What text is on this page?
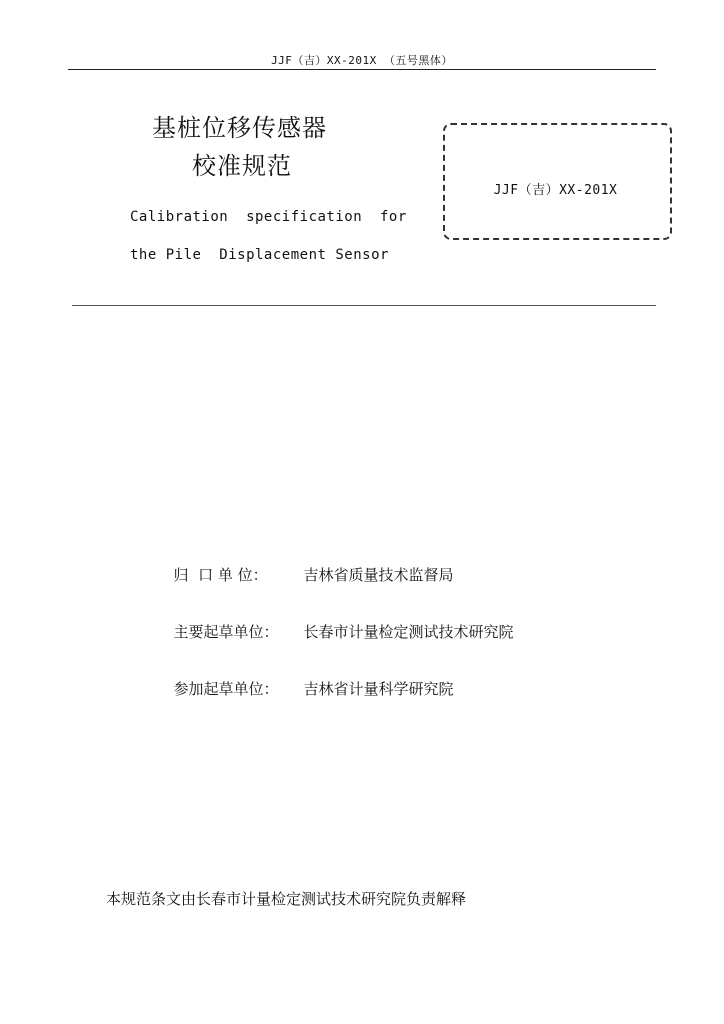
JJF（吉）XX-201X （五号黑体）
基桩位移传感器
校准规范
Calibration  specification  for
the Pile  Displacement Sensor
JJF（吉）XX-201X

归  口 单 位： 吉林省质量技术监督局

主要起草单位： 长春市计量检定测试技术研究院

参加起草单位： 吉林省计量科学研究院

本规范条文由长春市计量检定测试技术研究院负责解释
